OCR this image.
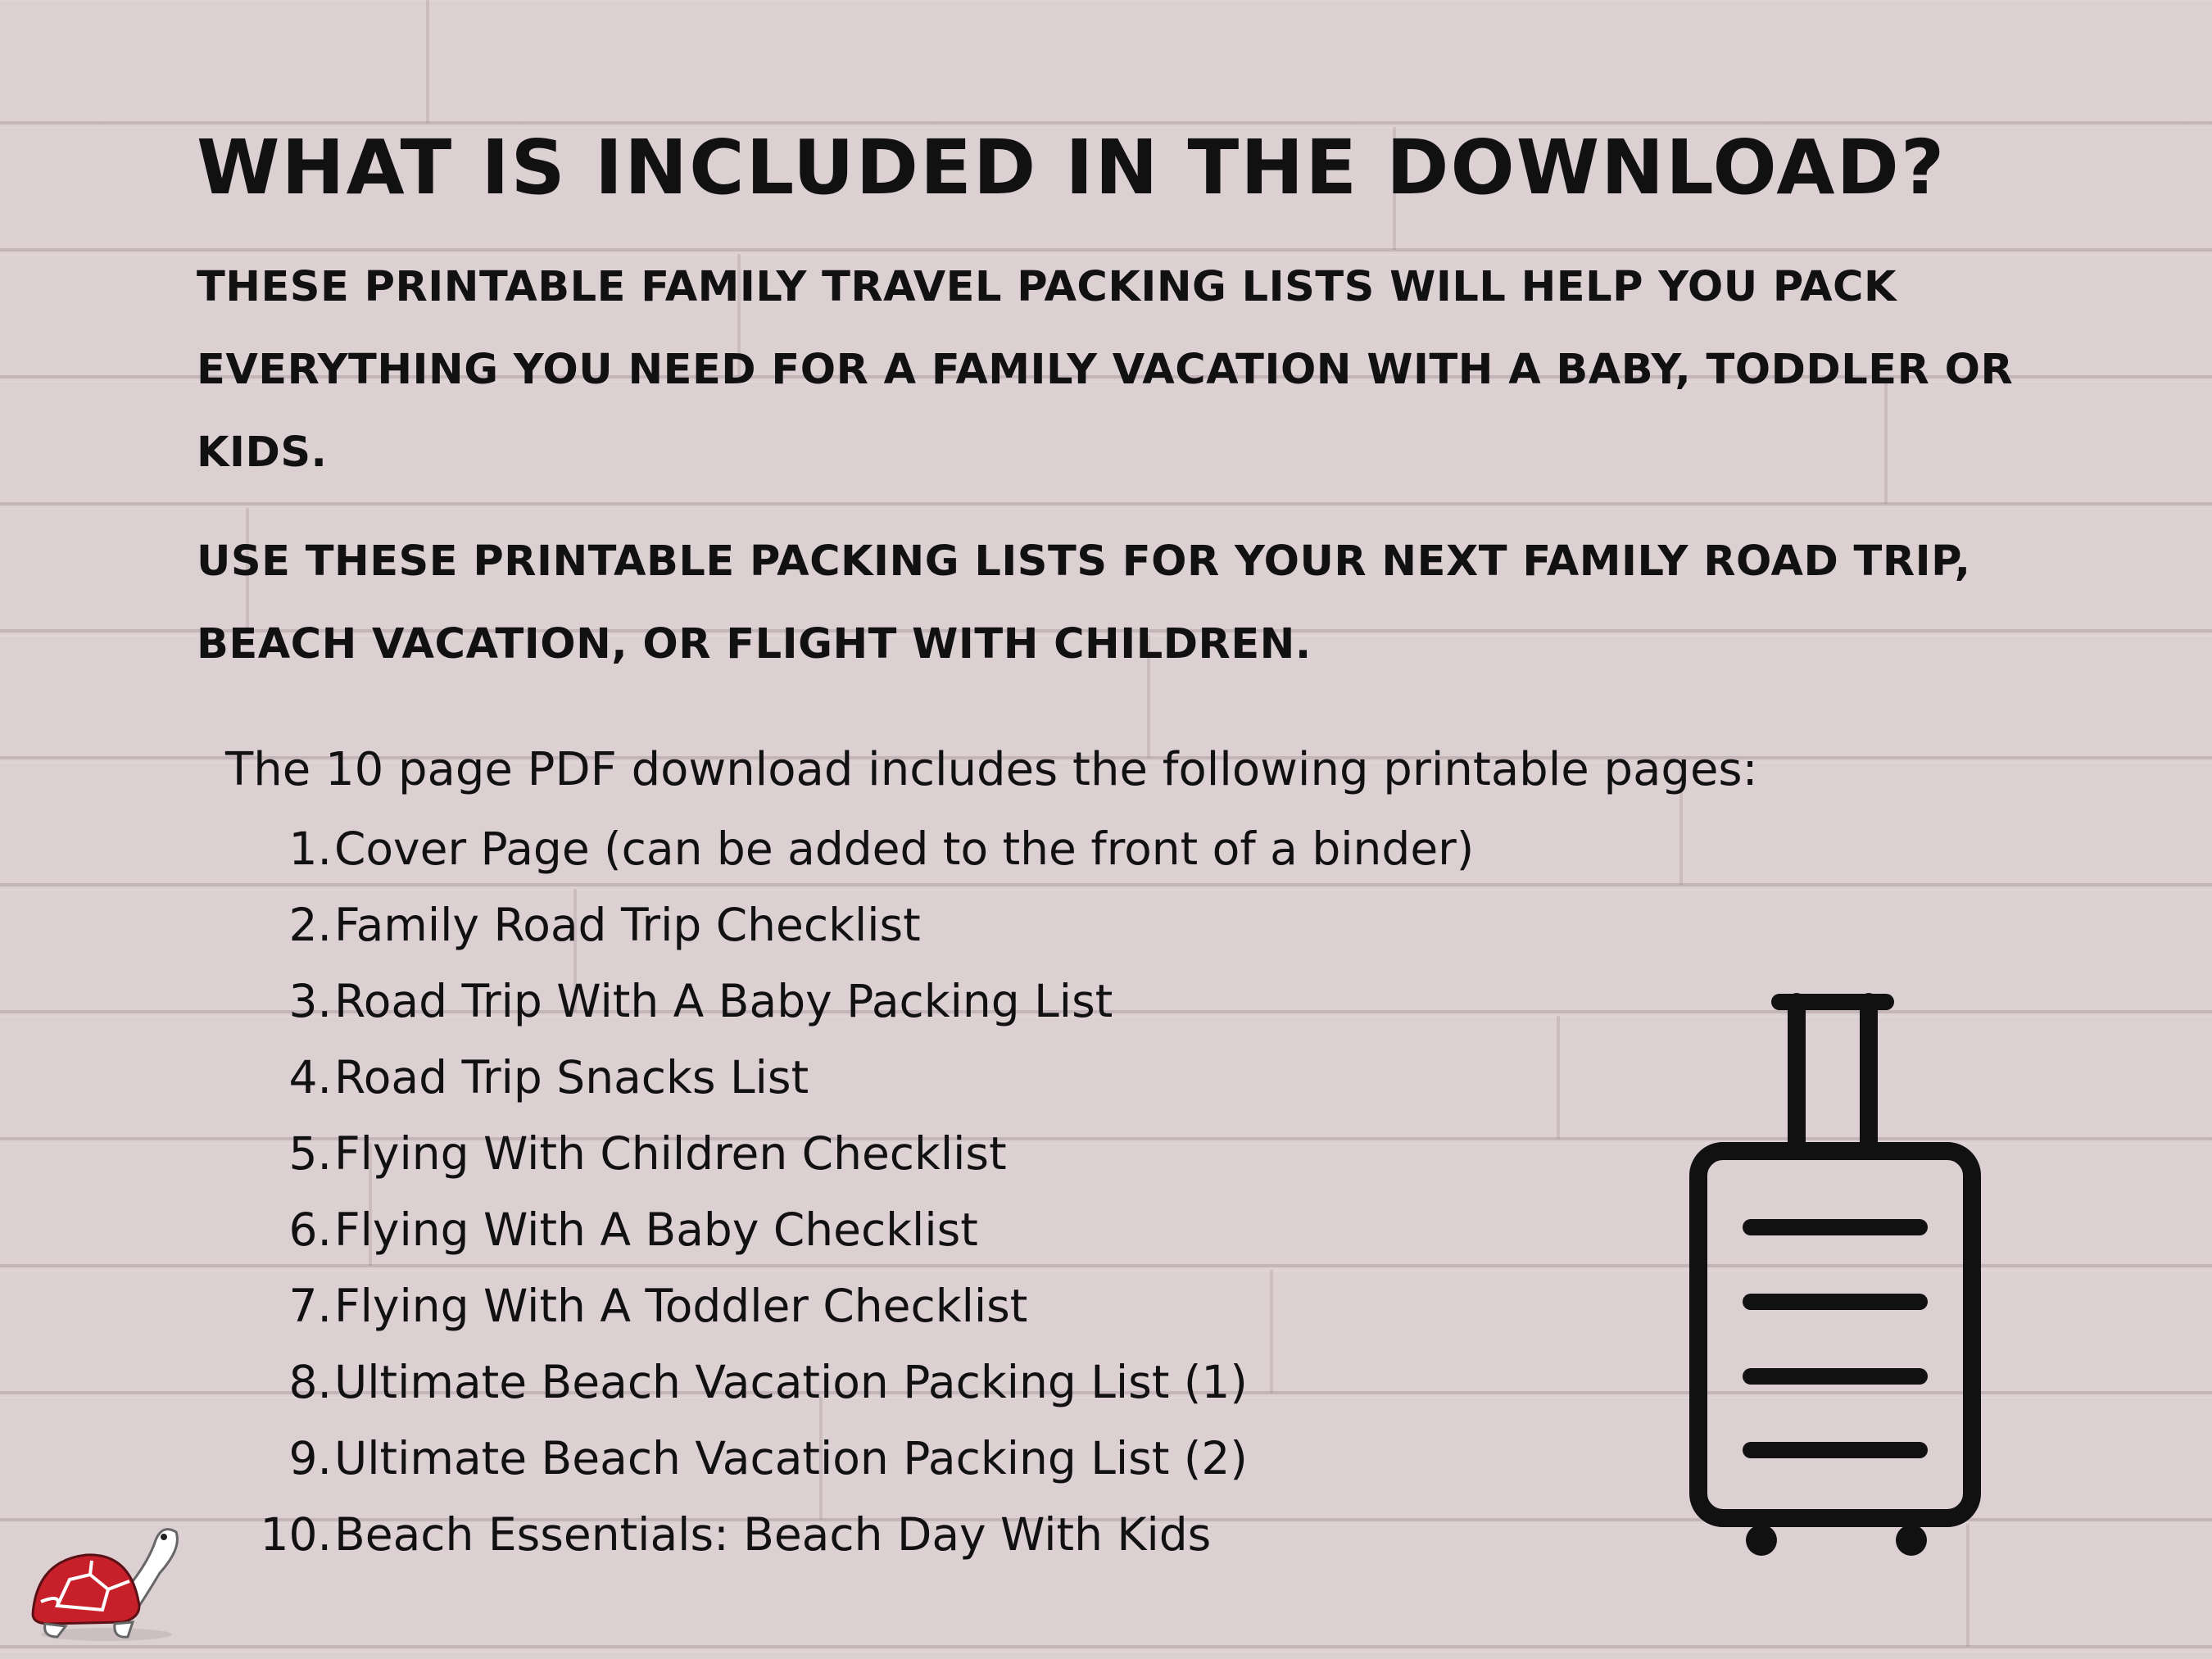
WHAT IS INCLUDED IN THE DOWNLOAD?

THESE PRINTABLE FAMILY TRAVEL PACKING LISTS WILL HELP YOU PACK EVERYTHING YOU NEED FOR A FAMILY VACATION WITH A BABY, TODDLER OR KIDS.

USE THESE PRINTABLE PACKING LISTS FOR YOUR NEXT FAMILY ROAD TRIP, BEACH VACATION, OR FLIGHT WITH CHILDREN.

The 10 page PDF download includes the following printable pages:
1. Cover Page (can be added to the front of a binder)
2. Family Road Trip Checklist
3. Road Trip With A Baby Packing List
4. Road Trip Snacks List
5. Flying With Children Checklist
6. Flying With A Baby Checklist
7. Flying With A Toddler Checklist
8. Ultimate Beach Vacation Packing List (1)
9. Ultimate Beach Vacation Packing List (2)
10. Beach Essentials: Beach Day With Kids
